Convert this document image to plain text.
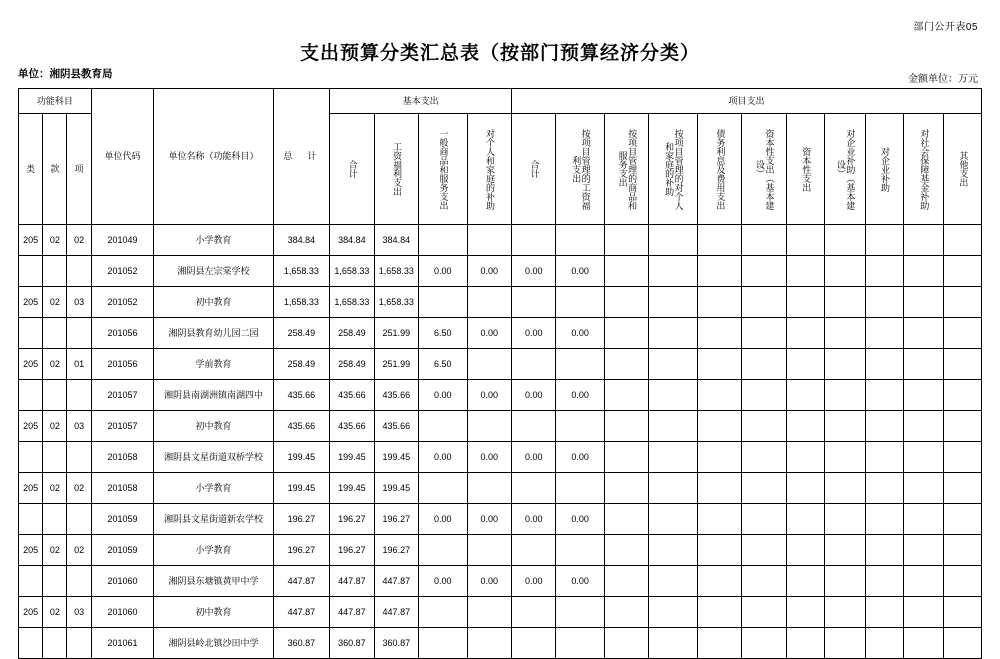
部门公开表05
支出预算分类汇总表（按部门预算经济分类）
单位：湘阴县教育局	金额单位：万元
功能科目			单位代码	单位名称（功能科目）	总　计	基本支出				项目支出										
类	款	项				合计	工资福利支出	一般商品和服务支出	对个人和家庭的补助	合计	按项目管理的工资福利支出	按项目管理的商品和服务支出	按项目管理的对个人和家庭的补助	债务利息及费用支出	资本性支出（基本建设）	资本性支出	对企业补助（基本建设）	对企业补助	对社会保障基金补助	其他支出

205	02	02	201049	小学教育	384.84	384.84	384.84													
			201052	湘阴县左宗棠学校	1,658.33	1,658.33	1,658.33	0.00	0.00	0.00	0.00									
205	02	03	201052	初中教育	1,658.33	1,658.33	1,658.33													
			201056	湘阴县教育幼儿园二园	258.49	258.49	251.99	6.50	0.00	0.00	0.00									
205	02	01	201056	学前教育	258.49	258.49	251.99	6.50												
			201057	湘阴县南湖洲镇南湖四中	435.66	435.66	435.66	0.00	0.00	0.00	0.00									
205	02	03	201057	初中教育	435.66	435.66	435.66													
			201058	湘阴县文星街道双桥学校	199.45	199.45	199.45	0.00	0.00	0.00	0.00									
205	02	02	201058	小学教育	199.45	199.45	199.45													
			201059	湘阴县文星街道新农学校	196.27	196.27	196.27	0.00	0.00	0.00	0.00									
205	02	02	201059	小学教育	196.27	196.27	196.27													
			201060	湘阴县东塘镇黄甲中学	447.87	447.87	447.87	0.00	0.00	0.00	0.00									
205	02	03	201060	初中教育	447.87	447.87	447.87													
			201061	湘阴县岭北镇沙田中学	360.87	360.87	360.87													
